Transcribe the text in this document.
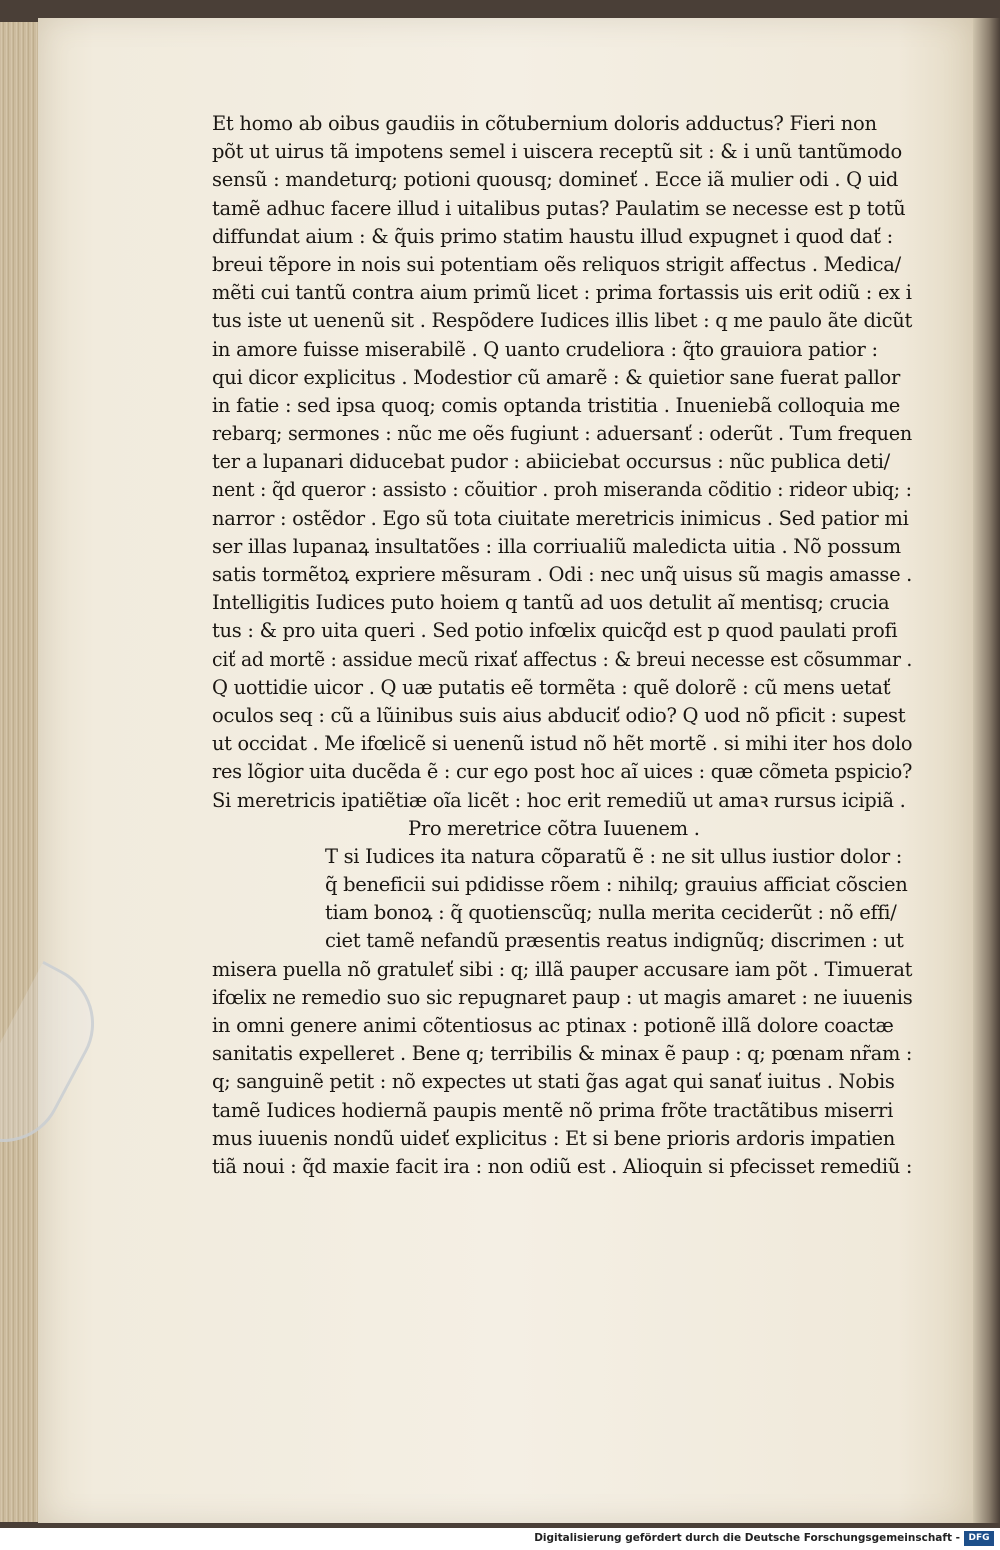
Et homo ab oibus gaudiis in cõtubernium doloris adductus? Fieri non
põt ut uirus tã impotens semel i uiscera receptũ sit : & i unũ tantũmodo
sensũ : mandeturq; potioni quousq; domineť . Ecce iã mulier odi . Q uid
tamẽ adhuc facere illud i uitalibus putas? Paulatim se necesse est p totũ
diffundat aium : & q̃uis primo statim haustu illud expugnet i quod dať :
breui tẽpore in nois sui potentiam oẽs reliquos strigit affectus . Medica/
mẽti cui tantũ contra aium primũ licet : prima fortassis uis erit odiũ : ex i
tus iste ut uenenũ sit . Respõdere Iudices illis libet : q me paulo ãte dicũt
in amore fuisse miserabilẽ . Q uanto crudeliora : q̃to grauiora patior :
qui dicor explicitus . Modestior cũ amarẽ : & quietior sane fuerat pallor
in fatie : sed ipsa quoq; comis optanda tristitia . Inueniebã colloquia me
rebarq; sermones : nũc me oẽs fugiunt : aduersanť : oderũt . Tum frequen
ter a lupanari diducebat pudor : abiiciebat occursus : nũc publica deti/
nent : q̃d queror : assisto : cõuitior . proh miseranda cõditio : rideor ubiq; :
narror : ostẽdor . Ego sũ tota ciuitate meretricis inimicus . Sed patior mi
ser illas lupanaꝝ insultatões : illa corriualiũ maledicta uitia . Nõ possum
satis tormẽtoꝝ expriere mẽsuram . Odi : nec unq̃ uisus sũ magis amasse .
Intelligitis Iudices puto hoiem q tantũ ad uos detulit aĩ mentisq; crucia
tus : & pro uita queri . Sed potio infœlix quicq̃d est p quod paulati profi
ciť ad mortẽ : assidue mecũ rixať affectus : & breui necesse est cõsummar .
Q uottidie uicor . Q uæ putatis eẽ tormẽta : quẽ dolorẽ : cũ mens uetať
oculos seq : cũ a lũinibus suis aius abduciť odio? Q uod nõ pficit : supest
ut occidat . Me ifœlicẽ si uenenũ istud nõ hẽt mortẽ . si mihi iter hos dolo
res lõgior uita ducẽda ẽ : cur ego post hoc aĩ uices : quæ cõmeta pspicio?
Si meretricis ipatiẽtiæ oĩa licẽt : hoc erit remediũ ut amaꝛ rursus icipiã .
Pro meretrice cõtra Iuuenem .
T si Iudices ita natura cõparatũ ẽ : ne sit ullus iustior dolor :
q̃ beneficii sui pdidisse rõem : nihilq; grauius afficiat cõscien
tiam bonoꝝ : q̃ quotienscũq; nulla merita ceciderũt : nõ effi/
ciet tamẽ nefandũ præsentis reatus indignũq; discrimen : ut
misera puella nõ gratuleť sibi : q; illã pauper accusare iam põt . Timuerat
ifœlix ne remedio suo sic repugnaret paup : ut magis amaret : ne iuuenis
in omni genere animi cõtentiosus ac ptinax : potionẽ illã dolore coactæ
sanitatis expelleret . Bene q; terribilis & minax ẽ paup : q; pœnam nr̃am :
q; sanguinẽ petit : nõ expectes ut stati g̃as agat qui sanať iuitus . Nobis
tamẽ Iudices hodiernã paupis mentẽ nõ prima frõte tractãtibus miserri
mus iuuenis nondũ uideť explicitus : Et si bene prioris ardoris impatien
tiã noui : q̃d maxie facit ira : non odiũ est . Alioquin si pfecisset remediũ :
Digitalisierung gefördert durch die Deutsche Forschungsgemeinschaft - DFG
